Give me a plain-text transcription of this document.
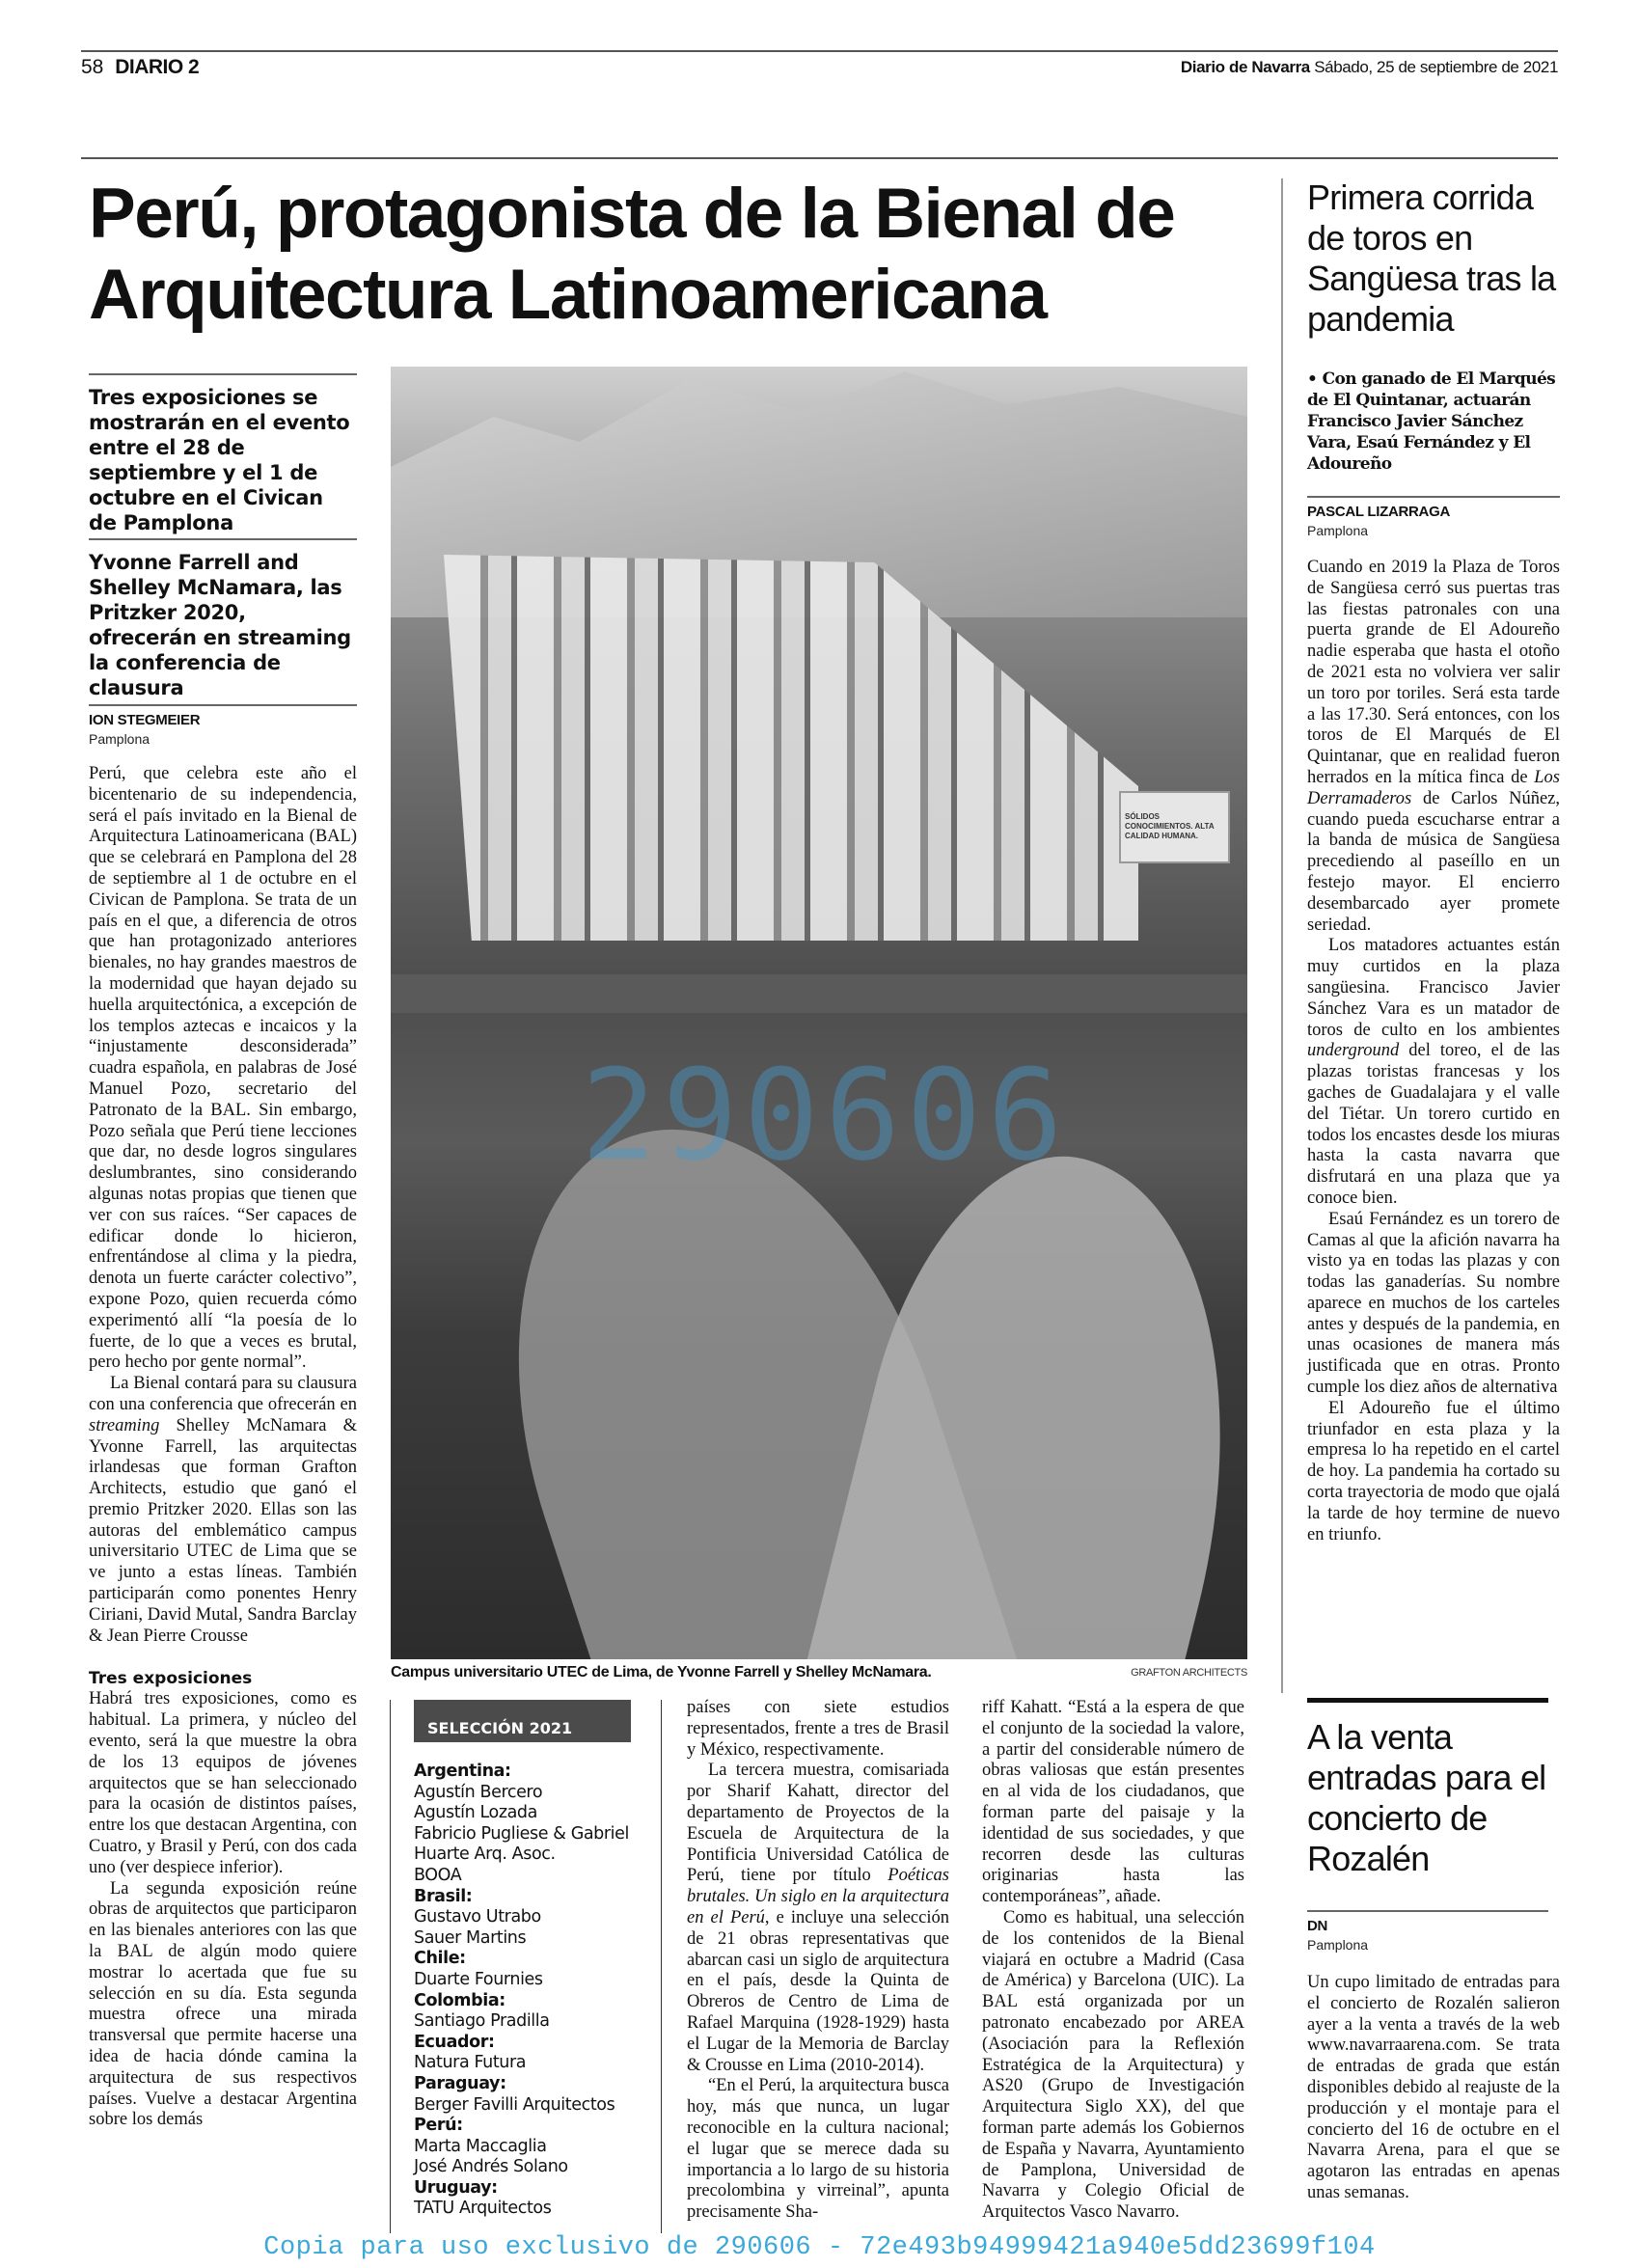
58 DIARIO 2	Diario de Navarra Sábado, 25 de septiembre de 2021
Perú, protagonista de la Bienal de Arquitectura Latinoamericana
Tres exposiciones se mostrarán en el evento entre el 28 de septiembre y el 1 de octubre en el Civican de Pamplona
Yvonne Farrell and Shelley McNamara, las Pritzker 2020, ofrecerán en streaming la conferencia de clausura
ION STEGMEIER
Pamplona

Perú, que celebra este año el bicentenario de su independencia, será el país invitado en la Bienal de Arquitectura Latinoamericana (BAL) que se celebrará en Pamplona del 28 de septiembre al 1 de octubre en el Civican de Pamplona. Se trata de un país en el que, a diferencia de otros que han protagonizado anteriores bienales, no hay grandes maestros de la modernidad que hayan dejado su huella arquitectónica, a excepción de los templos aztecas e incaicos y la “injustamente desconsiderada” cuadra española, en palabras de José Manuel Pozo, secretario del Patronato de la BAL. Sin embargo, Pozo señala que Perú tiene lecciones que dar, no desde logros singulares deslumbrantes, sino considerando algunas notas propias que tienen que ver con sus raíces. “Ser capaces de edificar donde lo hicieron, enfrentándose al clima y la piedra, denota un fuerte carácter colectivo”, expone Pozo, quien recuerda cómo experimentó allí “la poesía de lo fuerte, de lo que a veces es brutal, pero hecho por gente normal”.

La Bienal contará para su clausura con una conferencia que ofrecerán en streaming Shelley McNamara & Yvonne Farrell, las arquitectas irlandesas que forman Grafton Architects, estudio que ganó el premio Pritzker 2020. Ellas son las autoras del emblemático campus universitario UTEC de Lima que se ve junto a estas líneas. También participarán como ponentes Henry Ciriani, David Mutal, Sandra Barclay & Jean Pierre Crousse

Tres exposiciones

Habrá tres exposiciones, como es habitual. La primera, y núcleo del evento, será la que muestre la obra de los 13 equipos de jóvenes arquitectos que se han seleccionado para la ocasión de distintos países, entre los que destacan Argentina, con Cuatro, y Brasil y Perú, con dos cada uno (ver despiece inferior).

La segunda exposición reúne obras de arquitectos que participaron en las bienales anteriores con las que la BAL de algún modo quiere mostrar lo acertada que fue su selección en su día. Esta segunda muestra ofrece una mirada transversal que permite hacerse una idea de hacia dónde camina la arquitectura de sus respectivos países. Vuelve a destacar Argentina sobre los demás

SÓLIDOS CONOCIMIENTOS. ALTA CALIDAD HUMANA.
290606
Campus universitario UTEC de Lima, de Yvonne Farrell y Shelley McNamara.	GRAFTON ARCHITECTS
SELECCIÓN 2021
Argentina:
Agustín Bercero
Agustín Lozada
Fabricio Pugliese & Gabriel Huarte Arq. Asoc.
BOOA
Brasil:
Gustavo Utrabo
Sauer Martins
Chile:
Duarte Fournies
Colombia:
Santiago Pradilla
Ecuador:
Natura Futura
Paraguay:
Berger Favilli Arquitectos
Perú:
Marta Maccaglia
José Andrés Solano
Uruguay:
TATU Arquitectos

países con siete estudios representados, frente a tres de Brasil y México, respectivamente.

La tercera muestra, comisariada por Sharif Kahatt, director del departamento de Proyectos de la Escuela de Arquitectura de la Pontificia Universidad Católica de Perú, tiene por título Poéticas brutales. Un siglo en la arquitectura en el Perú, e incluye una selección de 21 obras representativas que abarcan casi un siglo de arquitectura en el país, desde la Quinta de Obreros de Centro de Lima de Rafael Marquina (1928-1929) hasta el Lugar de la Memoria de Barclay & Crousse en Lima (2010-2014).

“En el Perú, la arquitectura busca hoy, más que nunca, un lugar reconocible en la cultura nacional; el lugar que se merece dada su importancia a lo largo de su historia precolombina y virreinal”, apunta precisamente Sha-

riff Kahatt. “Está a la espera de que el conjunto de la sociedad la valore, a partir del considerable número de obras valiosas que están presentes en al vida de los ciudadanos, que forman parte del paisaje y la identidad de sus sociedades, y que recorren desde las culturas originarias hasta las contemporáneas”, añade.

Como es habitual, una selección de los contenidos de la Bienal viajará en octubre a Madrid (Casa de América) y Barcelona (UIC). La BAL está organizada por un patronato encabezado por AREA (Asociación para la Reflexión Estratégica de la Arquitectura) y AS20 (Grupo de Investigación Arquitectura Siglo XX), del que forman parte además los Gobiernos de España y Navarra, Ayuntamiento de Pamplona, Universidad de Navarra y Colegio Oficial de Arquitectos Vasco Navarro.

Primera corrida de toros en Sangüesa tras la pandemia
• Con ganado de El Marqués de El Quintanar, actuarán Francisco Javier Sánchez Vara, Esaú Fernández y El Adoureño
PASCAL LIZARRAGA
Pamplona

Cuando en 2019 la Plaza de Toros de Sangüesa cerró sus puertas tras las fiestas patronales con una puerta grande de El Adoureño nadie esperaba que hasta el otoño de 2021 esta no volviera ver salir un toro por toriles. Será esta tarde a las 17.30. Será entonces, con los toros de El Marqués de El Quintanar, que en realidad fueron herrados en la mítica finca de Los Derramaderos de Carlos Núñez, cuando pueda escucharse entrar a la banda de música de Sangüesa precediendo al paseíllo en un festejo mayor. El encierro desembarcado ayer promete seriedad.

Los matadores actuantes están muy curtidos en la plaza sangüesina. Francisco Javier Sánchez Vara es un matador de toros de culto en los ambientes underground del toreo, el de las plazas toristas francesas y los gaches de Guadalajara y el valle del Tiétar. Un torero curtido en todos los encastes desde los miuras hasta la casta navarra que disfrutará en una plaza que ya conoce bien.

Esaú Fernández es un torero de Camas al que la afición navarra ha visto ya en todas las plazas y con todas las ganaderías. Su nombre aparece en muchos de los carteles antes y después de la pandemia, en unas ocasiones de manera más justificada que en otras. Pronto cumple los diez años de alternativa

El Adoureño fue el último triunfador en esta plaza y la empresa lo ha repetido en el cartel de hoy. La pandemia ha cortado su corta trayectoria de modo que ojalá la tarde de hoy termine de nuevo en triunfo.

A la venta entradas para el concierto de Rozalén
DN
Pamplona

Un cupo limitado de entradas para el concierto de Rozalén salieron ayer a la venta a través de la web www.navarraarena.com. Se trata de entradas de grada que están disponibles debido al reajuste de la producción y el montaje para el concierto del 16 de octubre en el Navarra Arena, para el que se agotaron las entradas en apenas unas semanas.

Copia para uso exclusivo de 290606 - 72e493b94999421a940e5dd23699f104
